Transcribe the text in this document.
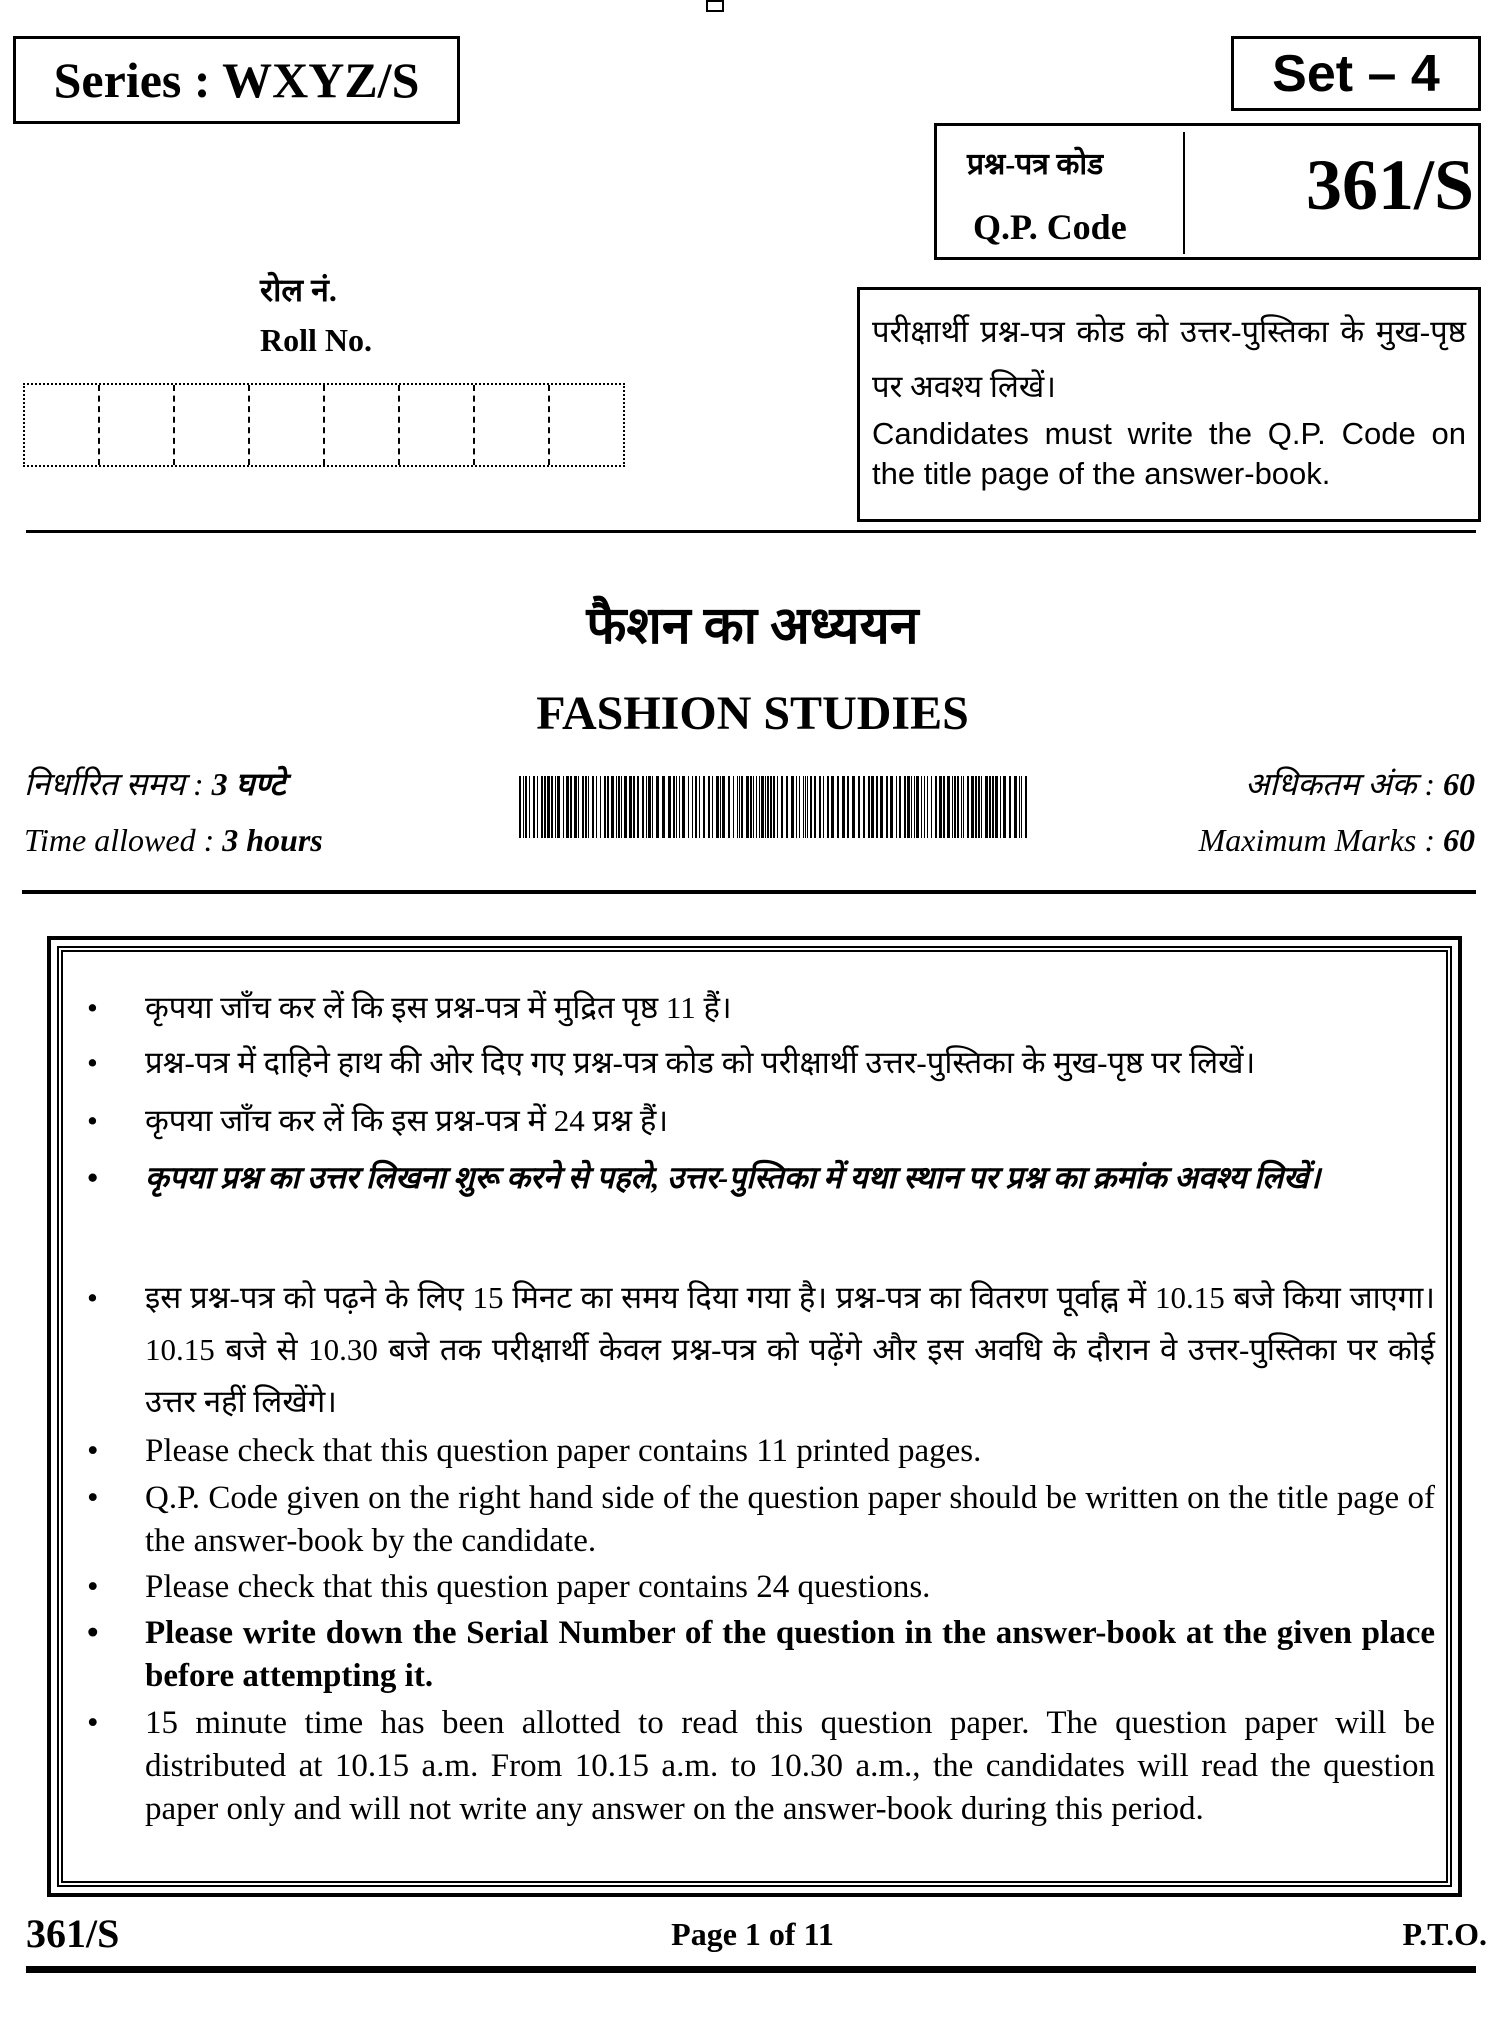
Series : WXYZ/S	Set – 4
प्रश्न-पत्र कोड
Q.P. Code
361/S
रोल नं.
Roll No.	परीक्षार्थी प्रश्न-पत्र कोड को उत्तर-पुस्तिका के मुख-पृष्ठ पर अवश्य लिखें।
Candidates must write the Q.P. Code on the title page of the answer-book.
फैशन का अध्ययन
FASHION STUDIES
निर्धारित समय : 3 घण्टे
Time allowed : 3 hours
अधिकतम अंक : 60
Maximum Marks : 60
• कृपया जाँच कर लें कि इस प्रश्न-पत्र में मुद्रित पृष्ठ 11 हैं।
• प्रश्न-पत्र में दाहिने हाथ की ओर दिए गए प्रश्न-पत्र कोड को परीक्षार्थी उत्तर-पुस्तिका के मुख-पृष्ठ पर लिखें।
• कृपया जाँच कर लें कि इस प्रश्न-पत्र में 24 प्रश्न हैं।
• कृपया प्रश्न का उत्तर लिखना शुरू करने से पहले, उत्तर-पुस्तिका में यथा स्थान पर प्रश्न का क्रमांक अवश्य लिखें।
• इस प्रश्न-पत्र को पढ़ने के लिए 15 मिनट का समय दिया गया है। प्रश्न-पत्र का वितरण पूर्वाह्न में 10.15 बजे किया जाएगा। 10.15 बजे से 10.30 बजे तक परीक्षार्थी केवल प्रश्न-पत्र को पढ़ेंगे और इस अवधि के दौरान वे उत्तर-पुस्तिका पर कोई उत्तर नहीं लिखेंगे।
• Please check that this question paper contains 11 printed pages.
• Q.P. Code given on the right hand side of the question paper should be written on the title page of the answer-book by the candidate.
• Please check that this question paper contains 24 questions.
• Please write down the Serial Number of the question in the answer-book at the given place before attempting it.
• 15 minute time has been allotted to read this question paper. The question paper will be distributed at 10.15 a.m. From 10.15 a.m. to 10.30 a.m., the candidates will read the question paper only and will not write any answer on the answer-book during this period.
361/S	Page 1 of 11	P.T.O.
